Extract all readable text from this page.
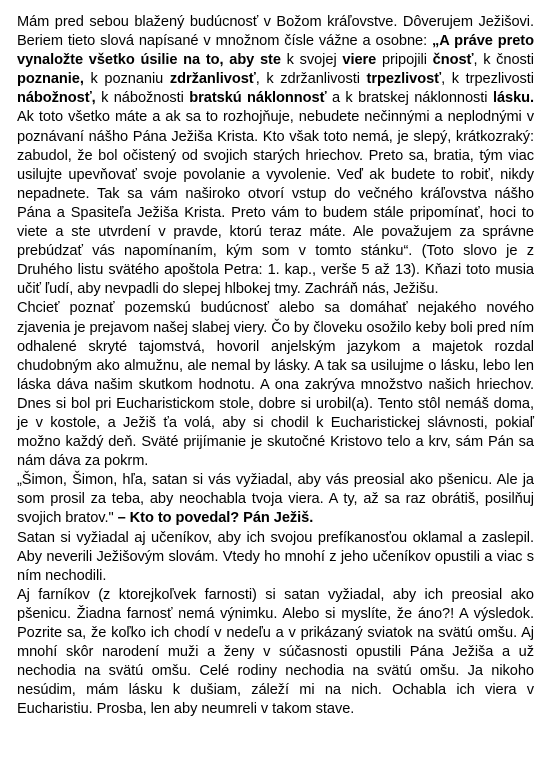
Mám pred sebou blažený budúcnosť v Božom kráľovstve. Dôverujem Ježišovi. Beriem tieto slová napísané v množnom čísle vážne a osobne: „A práve preto vynaložte všetko úsilie na to, aby ste k svojej viere pripojili čnosť, k čnosti poznanie, k poznaniu zdržanlivosť, k zdržanlivosti trpezlivosť, k trpezlivosti nábožnosť, k nábožnosti bratskú náklonnosť a k bratskej náklonnosti lásku. Ak toto všetko máte a ak sa to rozhojňuje, nebudete nečinnými a neplodnými v poznávaní nášho Pána Ježiša Krista. Kto však toto nemá, je slepý, krátkozraký: zabudol, že bol očistený od svojich starých hriechov. Preto sa, bratia, tým viac usilujte upevňovať svoje povolanie a vyvolenie. Veď ak budete to robiť, nikdy nepadnete. Tak sa vám naširoko otvorí vstup do večného kráľovstva nášho Pána a Spasiteľa Ježiša Krista. Preto vám to budem stále pripomínať, hoci to viete a ste utvrdení v pravde, ktorú teraz máte. Ale považujem za správne prebúdzať vás napomínaním, kým som v tomto stánku“. (Toto slovo je z Druhého listu svätého apoštola Petra: 1. kap., verše 5 až 13). Kňazi toto musia učiť ľudí, aby nevpadli do slepej hlbokej tmy. Zachráň nás, Ježišu.
Chcieť poznať pozemskú budúcnosť alebo sa domáhať nejakého nového zjavenia je prejavom našej slabej viery. Čo by človeku osožilo keby boli pred ním odhalené skryté tajomstvá, hovoril anjelským jazykom a majetok rozdal chudobným ako almužnu, ale nemal by lásky. A tak sa usilujme o lásku, lebo len láska dáva našim skutkom hodnotu. A ona zakrýva množstvo našich hriechov. Dnes si bol pri Eucharistickom stole, dobre si urobil(a). Tento stôl nemáš doma, je v kostole, a Ježiš ťa volá, aby si chodil k Eucharistickej slávnosti, pokiaľ možno každý deň. Sväté prijímanie je skutočné Kristovo telo a krv, sám Pán sa nám dáva za pokrm.
„Šimon, Šimon, hľa, satan si vás vyžiadal, aby vás preosial ako pšenicu. Ale ja som prosil za teba, aby neochabla tvoja viera. A ty, až sa raz obrátiš, posilňuj svojich bratov." – Kto to povedal? Pán Ježiš.
Satan si vyžiadal aj učeníkov, aby ich svojou prefíkanosťou oklamal a zaslepil. Aby neverili Ježišovým slovám. Vtedy ho mnohí z jeho učeníkov opustili a viac s ním nechodili.
Aj farníkov (z ktorejkoľvek farnosti) si satan vyžiadal, aby ich preosial ako pšenicu. Žiadna farnosť nemá výnimku. Alebo si myslíte, že áno?! A výsledok. Pozrite sa, že koľko ich chodí v nedeľu a v prikázaný sviatok na svätú omšu. Aj mnohí skôr narodení muži a ženy v súčasnosti opustili Pána Ježiša a už nechodia na svätú omšu. Celé rodiny nechodia na svätú omšu. Ja nikoho nesúdim, mám lásku k dušiam, záleží mi na nich. Ochabla ich viera v Eucharistiu. Prosba, len aby neumreli v takom stave.
